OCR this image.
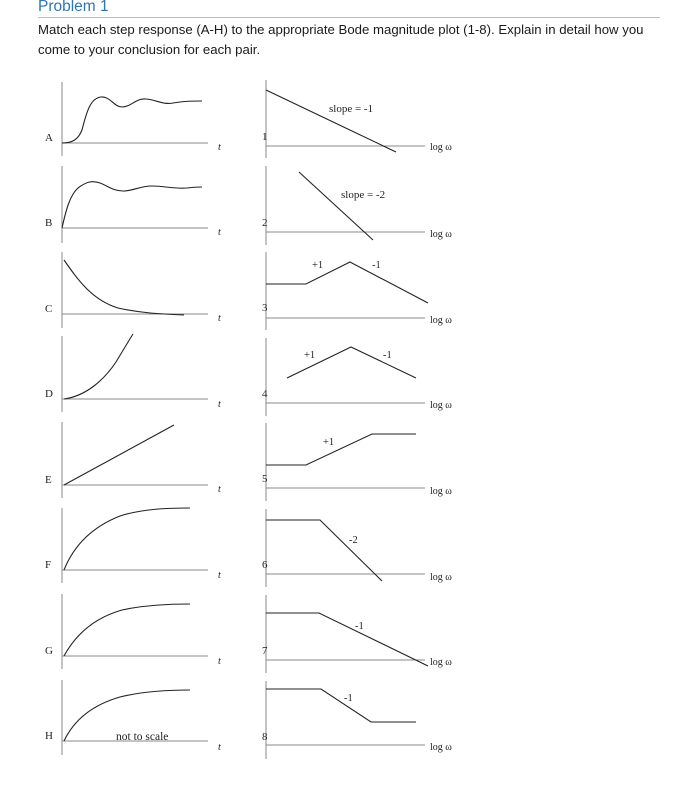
Problem 1
Match each step response (A-H) to the appropriate Bode magnitude plot (1-8). Explain in detail how you come to your conclusion for each pair.
A
t
B
t
C
t
D
t
E
t
F
t
G
t
H
t
not to scale
1
log ω
slope = -1
2
log ω
slope = -2
3
log ω
+1	-1
4
log ω
+1	-1
5
log ω
+1
6
log ω
-2
7
log ω
-1
8
log ω
-1
